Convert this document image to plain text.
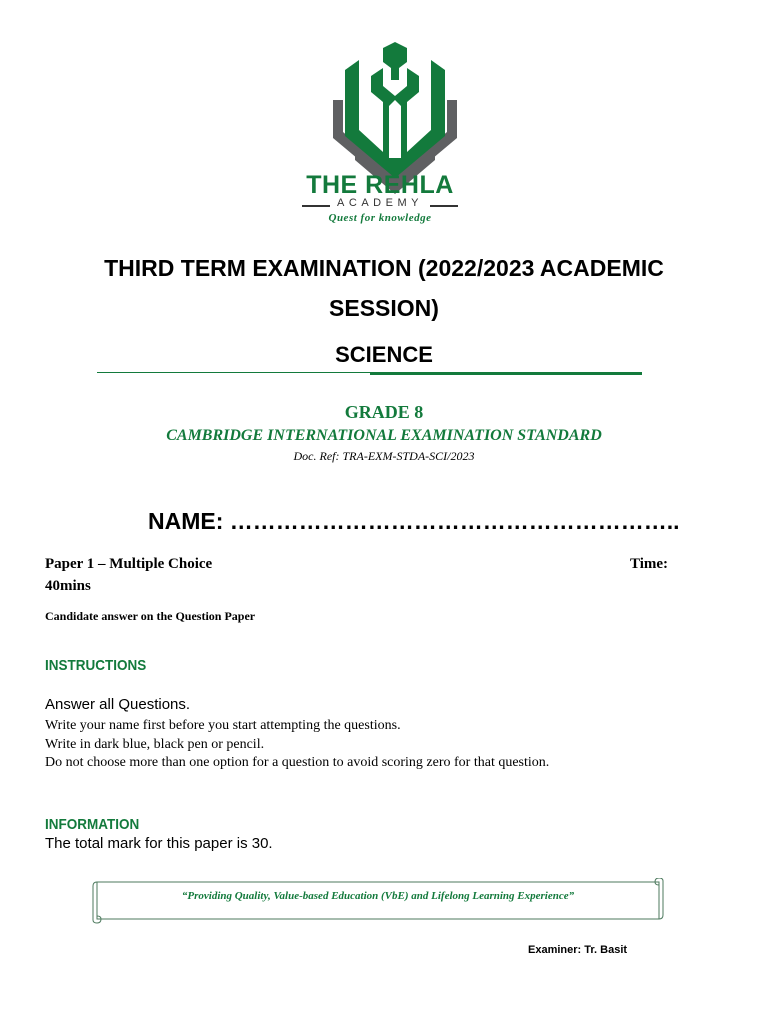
THE REHLA
ACADEMY
Quest for knowledge
THIRD TERM EXAMINATION (2022/2023 ACADEMIC
SESSION)
SCIENCE
GRADE 8
CAMBRIDGE INTERNATIONAL EXAMINATION STANDARD
Doc. Ref: TRA-EXM-STDA-SCI/2023
NAME: …………………………………………………..
Paper 1 – Multiple Choice	Time:
40mins
Candidate answer on the Question Paper
INSTRUCTIONS
Answer all Questions.
Write your name first before you start attempting the questions.
Write in dark blue, black pen or pencil.
Do not choose more than one option for a question to avoid scoring zero for that question.
INFORMATION
The total mark for this paper is 30.
“Providing Quality, Value-based Education (VbE) and Lifelong Learning Experience”
Examiner: Tr. Basit
